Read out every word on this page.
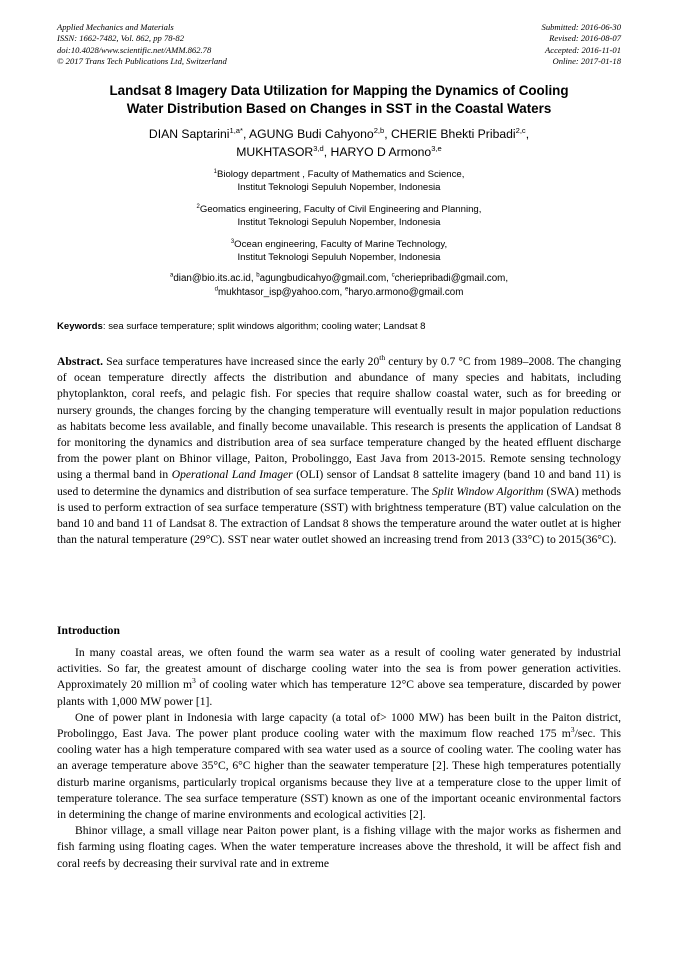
Applied Mechanics and Materials
ISSN: 1662-7482, Vol. 862, pp 78-82
doi:10.4028/www.scientific.net/AMM.862.78
© 2017 Trans Tech Publications Ltd, Switzerland
Submitted: 2016-06-30
Revised: 2016-08-07
Accepted: 2016-11-01
Online: 2017-01-18
Landsat 8 Imagery Data Utilization for Mapping the Dynamics of Cooling
Water Distribution Based on Changes in SST in the Coastal Waters
DIAN Saptarini$^{1,a*}$, AGUNG Budi Cahyono$^{2,b}$, CHERIE Bhekti Pribadi$^{2,c}$,
MUKHTASOR$^{3,d}$, HARYO D Armono$^{3,e}$
$^1$Biology department , Faculty of Mathematics and Science,
Institut Teknologi Sepuluh Nopember, Indonesia
$^2$Geomatics engineering, Faculty of Civil Engineering and Planning,
Institut Teknologi Sepuluh Nopember, Indonesia
$^3$Ocean engineering, Faculty of Marine Technology,
Institut Teknologi Sepuluh Nopember, Indonesia
$^a$dian@bio.its.ac.id, $^b$agungbudicahyo@gmail.com, $^c$cheriepribadi@gmail.com,
$^d$mukhtasor_isp@yahoo.com, $^e$haryo.armono@gmail.com
Keywords: sea surface temperature; split windows algorithm; cooling water; Landsat 8
Abstract. Sea surface temperatures have increased since the early 20th century by 0.7 °C from 1989–2008. The changing of ocean temperature directly affects the distribution and abundance of many species and habitats, including phytoplankton, coral reefs, and pelagic fish. For species that require shallow coastal water, such as for breeding or nursery grounds, the changes forcing by the changing temperature will eventually result in major population reductions as habitats become less available, and finally become unavailable. This research is presents the application of Landsat 8 for monitoring the dynamics and distribution area of sea surface temperature changed by the heated effluent discharge from the power plant on Bhinor village, Paiton, Probolinggo, East Java from 2013-2015. Remote sensing technology using a thermal band in Operational Land Imager (OLI) sensor of Landsat 8 sattelite imagery (band 10 and band 11) is used to determine the dynamics and distribution of sea surface temperature. The Split Window Algorithm (SWA) methods is used to perform extraction of sea surface temperature (SST) with brightness temperature (BT) value calculation on the band 10 and band 11 of Landsat 8. The extraction of Landsat 8 shows the temperature around the water outlet at is higher than the natural temperature (29°C). SST near water outlet showed an increasing trend from 2013 (33°C) to 2015(36°C).
Introduction

In many coastal areas, we often found the warm sea water as a result of cooling water generated by industrial activities. So far, the greatest amount of discharge cooling water into the sea is from power generation activities. Approximately 20 million $m^3$ of cooling water which has temperature 12°C above sea temperature, discarded by power plants with 1,000 MW power [1].

One of power plant in Indonesia with large capacity (a total of> 1000 MW) has been built in the Paiton district, Probolinggo, East Java. The power plant produce cooling water with the maximum flow reached 175 $m^3/\sec$. This cooling water has a high temperature compared with sea water used as a source of cooling water. The cooling water has an average temperature above 35°C, 6°C higher than the seawater temperature [2]. These high temperatures potentially disturb marine organisms, particularly tropical organisms because they live at a temperature close to the upper limit of temperature tolerance. The sea surface temperature (SST) known as one of the important oceanic environmental factors in determining the change of marine environments and ecological activities [2].

Bhinor village, a small village near Paiton power plant, is a fishing village with the major works as fishermen and fish farming using floating cages. When the water temperature increases above the threshold, it will be affect fish and coral reefs by decreasing their survival rate and in extreme
